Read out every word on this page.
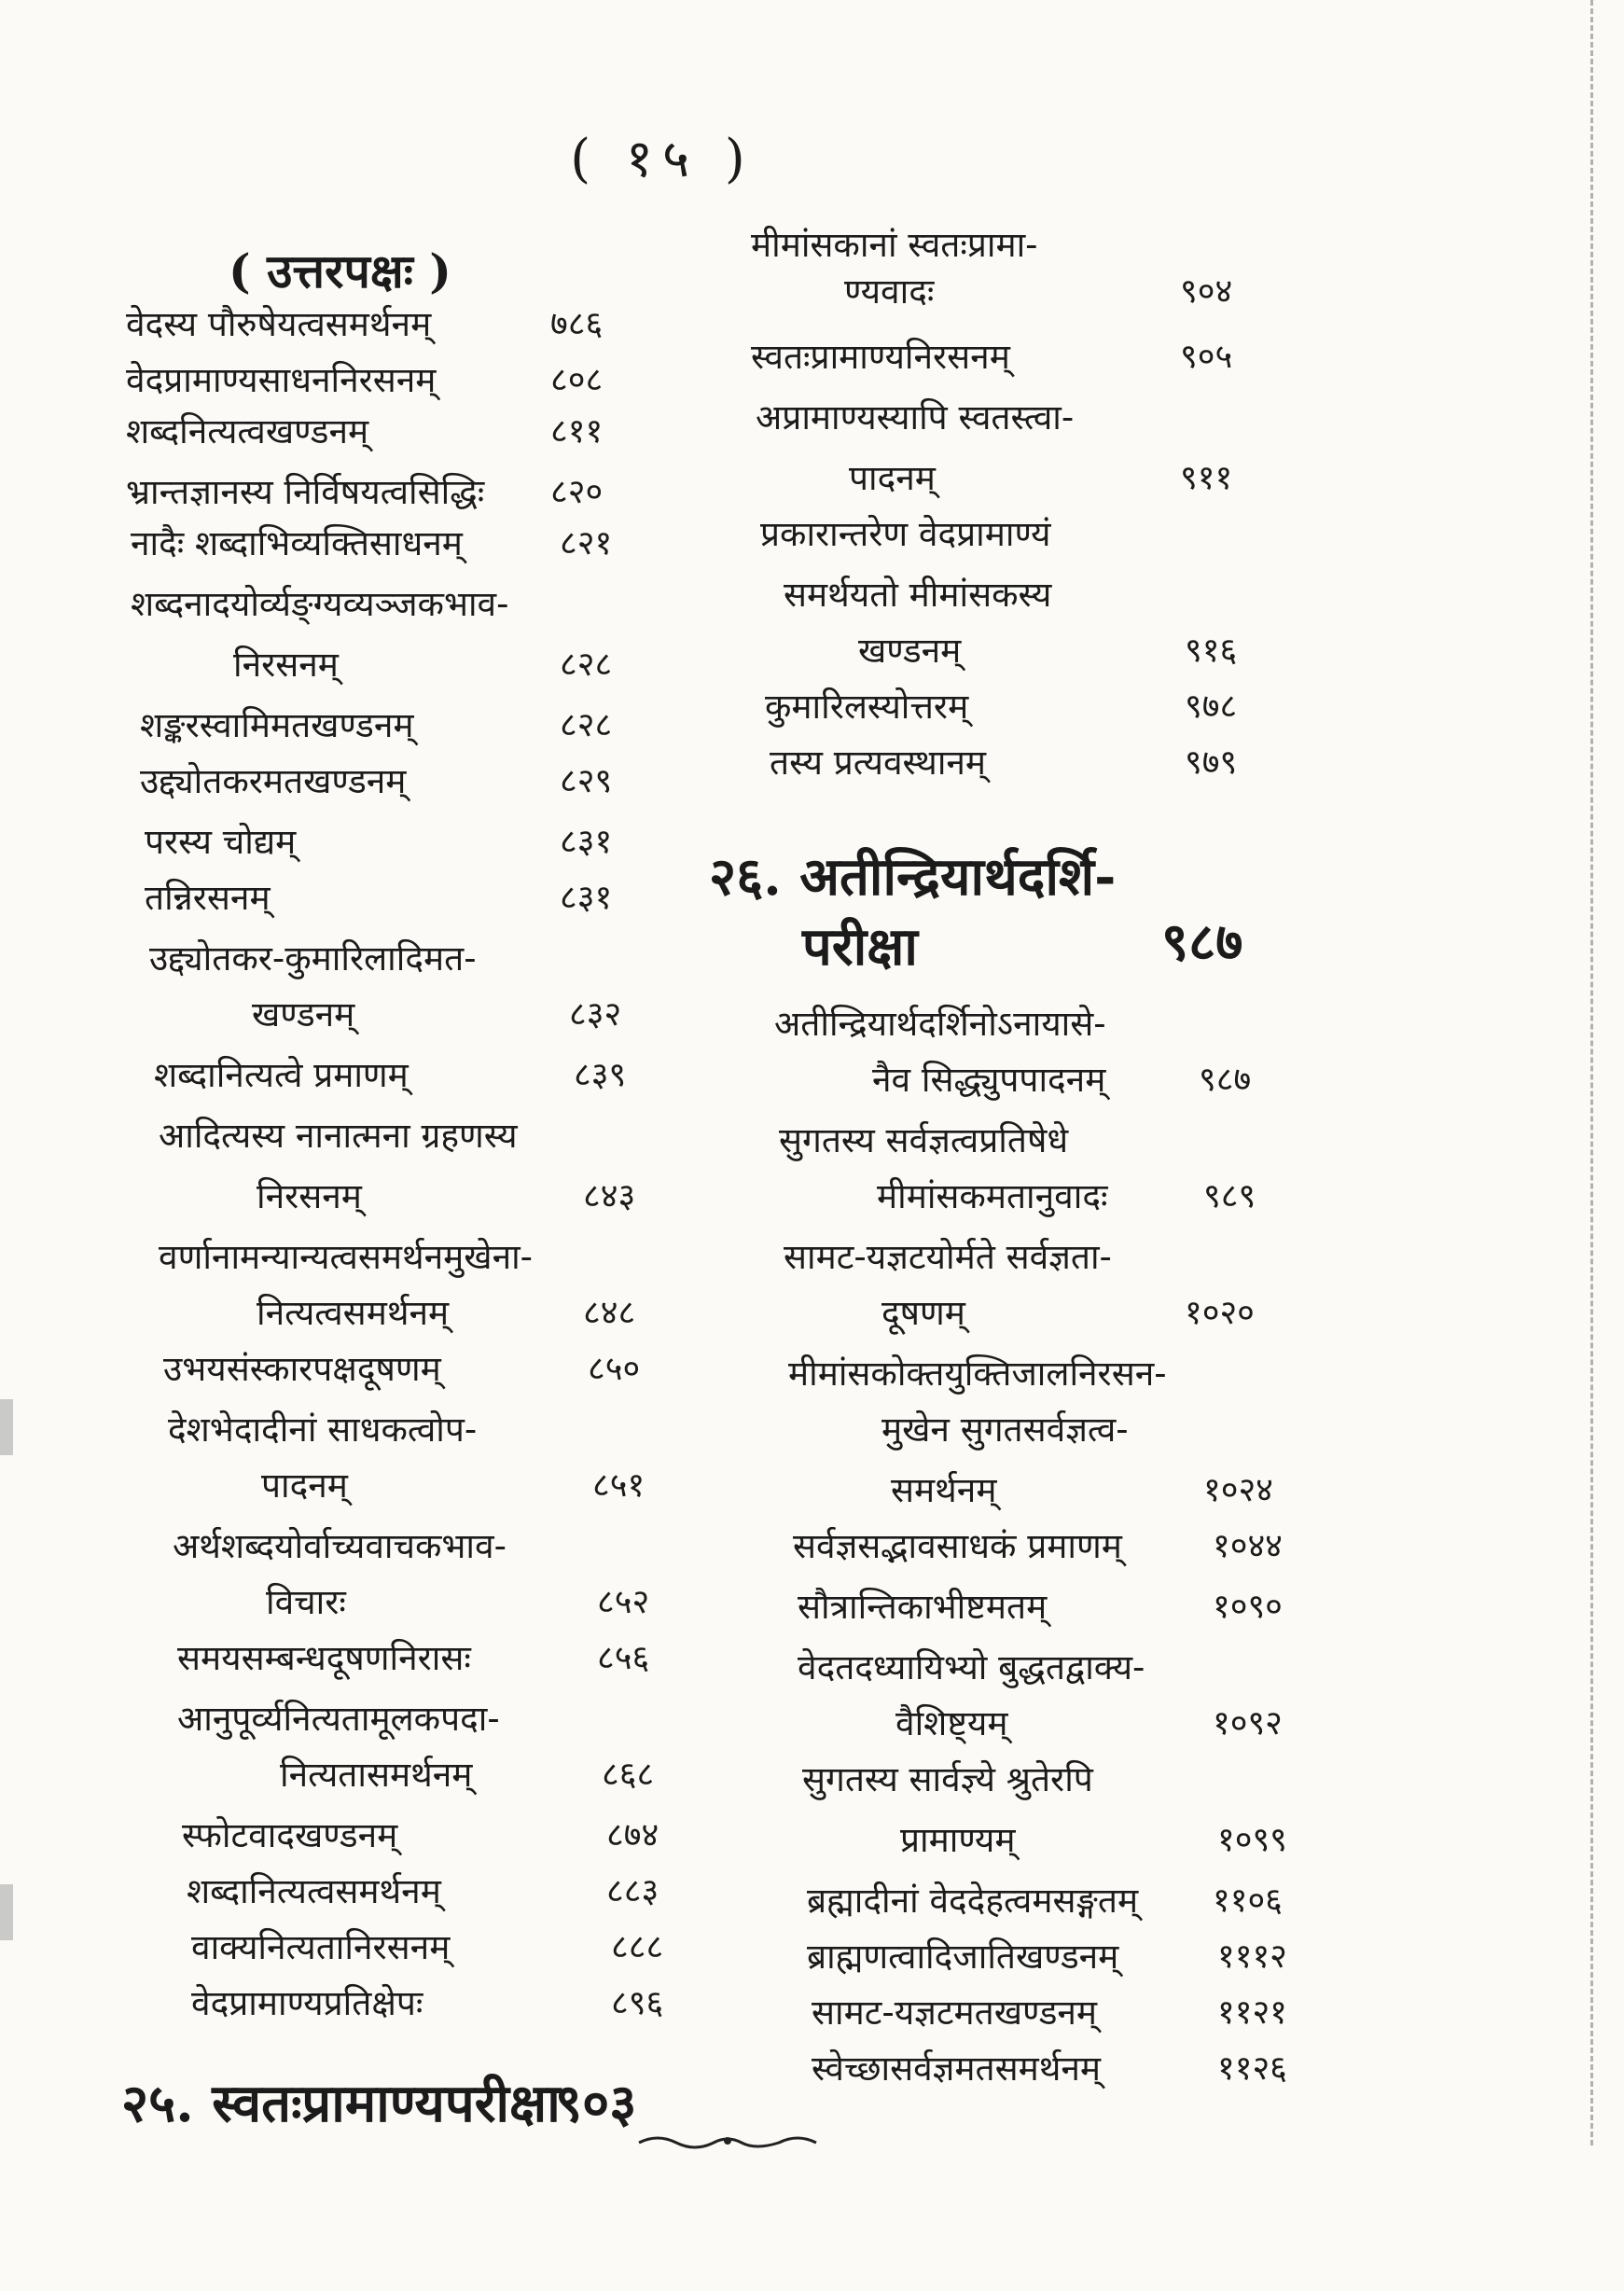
( १५ )
( उत्तरपक्षः )
२५. स्वतःप्रामाण्यपरीक्षा
९०३
२६. अतीन्द्रियार्थदर्शि-
परीक्षा	९८७
वेदस्य पौरुषेयत्वसमर्थनम्	७८६
वेदप्रामाण्यसाधननिरसनम्	८०८
शब्दनित्यत्वखण्डनम्	८११
भ्रान्तज्ञानस्य निर्विषयत्वसिद्धिः ८२०
नादैः शब्दाभिव्यक्तिसाधनम्	८२१
शब्दनादयोर्व्यङ्ग्यव्यञ्जकभाव-
निरसनम्	८२८
शङ्करस्वामिमतखण्डनम्	८२८
उद्द्योतकरमतखण्डनम्	८२९
परस्य चोद्यम्	८३१
तन्निरसनम्	८३१
उद्द्योतकर-कुमारिलादिमत-
खण्डनम्	८३२
शब्दानित्यत्वे प्रमाणम्	८३९
आदित्यस्य नानात्मना ग्रहणस्य
निरसनम्	८४३
वर्णानामन्यान्यत्वसमर्थनमुखेना-
नित्यत्वसमर्थनम्	८४८
उभयसंस्कारपक्षदूषणम्	८५०
देशभेदादीनां साधकत्वोप-
पादनम्	८५१
अर्थशब्दयोर्वाच्यवाचकभाव-
विचारः	८५२
समयसम्बन्धदूषणनिरासः	८५६
आनुपूर्व्यनित्यतामूलकपदा-
नित्यतासमर्थनम्	८६८
स्फोटवादखण्डनम्	८७४
शब्दानित्यत्वसमर्थनम्	८८३
वाक्यनित्यतानिरसनम्	८८८
वेदप्रामाण्यप्रतिक्षेपः	८९६
मीमांसकानां स्वतःप्रामा-
ण्यवादः	९०४
स्वतःप्रामाण्यनिरसनम्	९०५
अप्रामाण्यस्यापि स्वतस्त्वा-
पादनम्	९११
प्रकारान्तरेण वेदप्रामाण्यं
समर्थयतो मीमांसकस्य
खण्डनम्	९१६
कुमारिलस्योत्तरम्	९७८
तस्य प्रत्यवस्थानम्	९७९
अतीन्द्रियार्थदर्शिनोऽनायासे-
नैव सिद्ध्युपपादनम्	९८७
सुगतस्य सर्वज्ञत्वप्रतिषेधे
मीमांसकमतानुवादः	९८९
सामट-यज्ञटयोर्मते सर्वज्ञता-
दूषणम्	१०२०
मीमांसकोक्तयुक्तिजालनिरसन-
मुखेन सुगतसर्वज्ञत्व-
समर्थनम्	१०२४
सर्वज्ञसद्भावसाधकं प्रमाणम्	१०४४
सौत्रान्तिकाभीष्टमतम्	१०९०
वेदतदध्यायिभ्यो बुद्धतद्वाक्य-
वैशिष्ट्यम्	१०९२
सुगतस्य सार्वज्ञ्ये श्रुतेरपि
प्रामाण्यम्	१०९९
ब्रह्मादीनां वेददेहत्वमसङ्गतम् ११०६
ब्राह्मणत्वादिजातिखण्डनम्	१११२
सामट-यज्ञटमतखण्डनम्	११२१
स्वेच्छासर्वज्ञमतसमर्थनम्	११२६
